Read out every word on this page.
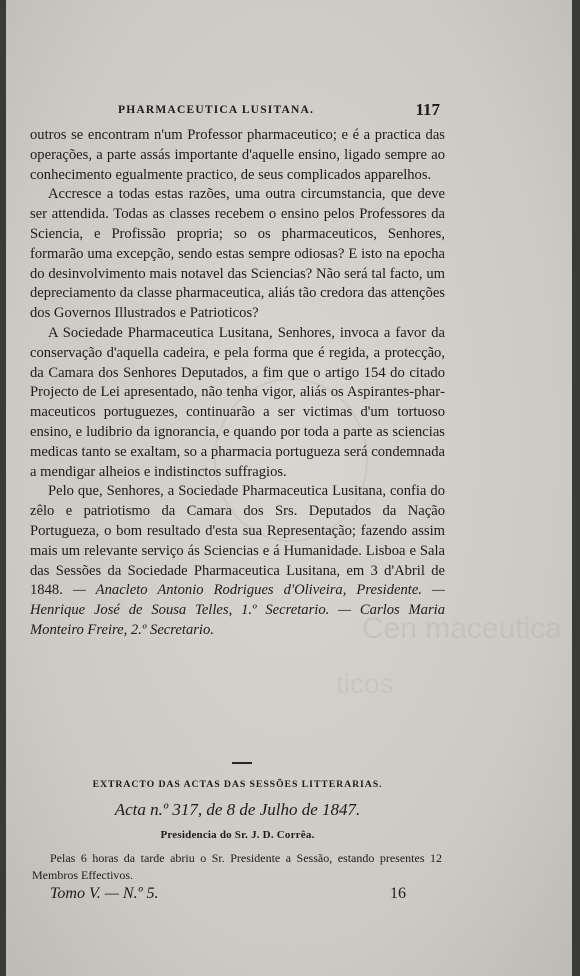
PHARMACEUTICA LUSITANA.	117

outros se encontram n'um Professor pharmaceutico; e é a practica das operações, a parte assás importante d'aquelle ensino, ligado sempre ao conhecimento egualmente practico, de seus complicados apparelhos.

Accresce a todas estas razões, uma outra circumstancia, que deve ser attendida. Todas as classes recebem o ensino pelos Professores da Sciencia, e Profissão propria; so os pharmaceuticos, Senhores, formarão uma excepção, sendo estas sempre odiosas? E isto na epocha do desinvolvimento mais notavel das Sciencias? Não será tal facto, um depreciamento da classe pharmaceutica, aliás tão credora das attenções dos Governos Illustrados e Patrioticos?

A Sociedade Pharmaceutica Lusitana, Senhores, invoca a favor da conservação d'aquella cadeira, e pela forma que é regida, a protecção, da Camara dos Senhores Deputados, a fim que o artigo 154 do citado Projecto de Lei apresentado, não tenha vigor, aliás os Aspirantes-pharmaceuticos portuguezes, continuarão a ser victimas d'um tortuoso ensino, e ludibrio da ignorancia, e quando por toda a parte as sciencias medicas tanto se exaltam, so a pharmacia portugueza será condemnada a mendigar alheios e indistinctos suffragios.

Pelo que, Senhores, a Sociedade Pharmaceutica Lusitana, confia do zêlo e patriotismo da Camara dos Srs. Deputados da Nação Portugueza, o bom resultado d'esta sua Representação; fazendo assim mais um relevante serviço ás Sciencias e á Humanidade. Lisboa e Sala das Sessões da Sociedade Pharmaceutica Lusitana, em 3 d'Abril de 1848. — Anacleto Antonio Rodrigues d'Oliveira, Presidente. — Henrique José de Sousa Telles, 1.º Secretario. — Carlos Maria Monteiro Freire, 2.º Secretario.	Cen maceutica
ticos
EXTRACTO DAS ACTAS DAS SESSÕES LITTERARIAS.
Acta n.º 317, de 8 de Julho de 1847.
Presidencia do Sr. J. D. Corrêa.

Pelas 6 horas da tarde abriu o Sr. Presidente a Sessão, estando presentes 12 Membros Effectivos.

Tomo V. — N.º 5.	16
